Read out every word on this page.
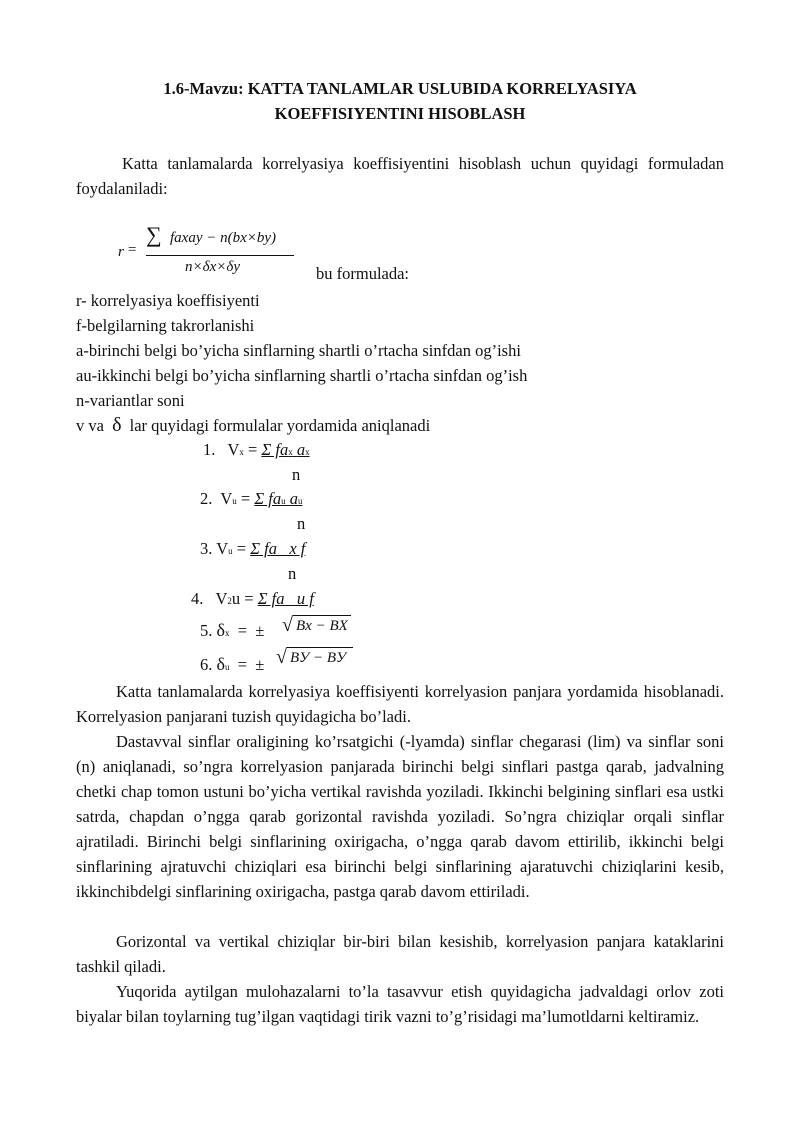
1.6-Mavzu: KATTA TANLAMLAR USLUBIDA KORRELYASIYA
KOEFFISIYENTINI HISOBLASH
Katta tanlamalarda korrelyasiya koeffisiyentini hisoblash uchun quyidagi formuladan foydalaniladi:
r =
∑ faxay − n(bx×by)
n×δx×δy	bu formulada:
r- korrelyasiya koeffisiyenti
f-belgilarning takrorlanishi
a-birinchi belgi bo’yicha sinflarning shartli o’rtacha sinfdan og’ishi
au-ikkinchi belgi bo’yicha sinflarning shartli o’rtacha sinfdan og’ish
n-variantlar soni
v va δ lar quyidagi formulalar yordamida aniqlanadi
1. Vx = Σ fax ax
n
2. Vu = Σ fau au
n
3. Vu = Σ fa   x f
n
4. V2u = Σ fa   u f
5. δx = ± √ Bx − BX
6. δu = ± √ BУ − BУ
Katta tanlamalarda korrelyasiya koeffisiyenti korrelyasion panjara yordamida hisoblanadi. Korrelyasion panjarani tuzish quyidagicha bo’ladi.
Dastavval sinflar oraligining ko’rsatgichi (-lyamda) sinflar chegarasi (lim) va sinflar soni (n) aniqlanadi, so’ngra korrelyasion panjarada birinchi belgi sinflari pastga qarab, jadvalning chetki chap tomon ustuni bo’yicha vertikal ravishda yoziladi. Ikkinchi belgining sinflari esa ustki satrda, chapdan o’ngga qarab gorizontal ravishda yoziladi. So’ngra chiziqlar orqali sinflar ajratiladi. Birinchi belgi sinflarining oxirigacha, o’ngga qarab davom ettirilib, ikkinchi belgi sinflarining ajratuvchi chiziqlari esa birinchi belgi sinflarining ajaratuvchi chiziqlarini kesib, ikkinchibdelgi sinflarining oxirigacha, pastga qarab davom ettiriladi.
Gorizontal va vertikal chiziqlar bir-biri bilan kesishib, korrelyasion panjara kataklarini tashkil qiladi.
Yuqorida aytilgan mulohazalarni to’la tasavvur etish quyidagicha jadvaldagi orlov zoti biyalar bilan toylarning tug’ilgan vaqtidagi tirik vazni to’g’risidagi ma’lumotldarni keltiramiz.
